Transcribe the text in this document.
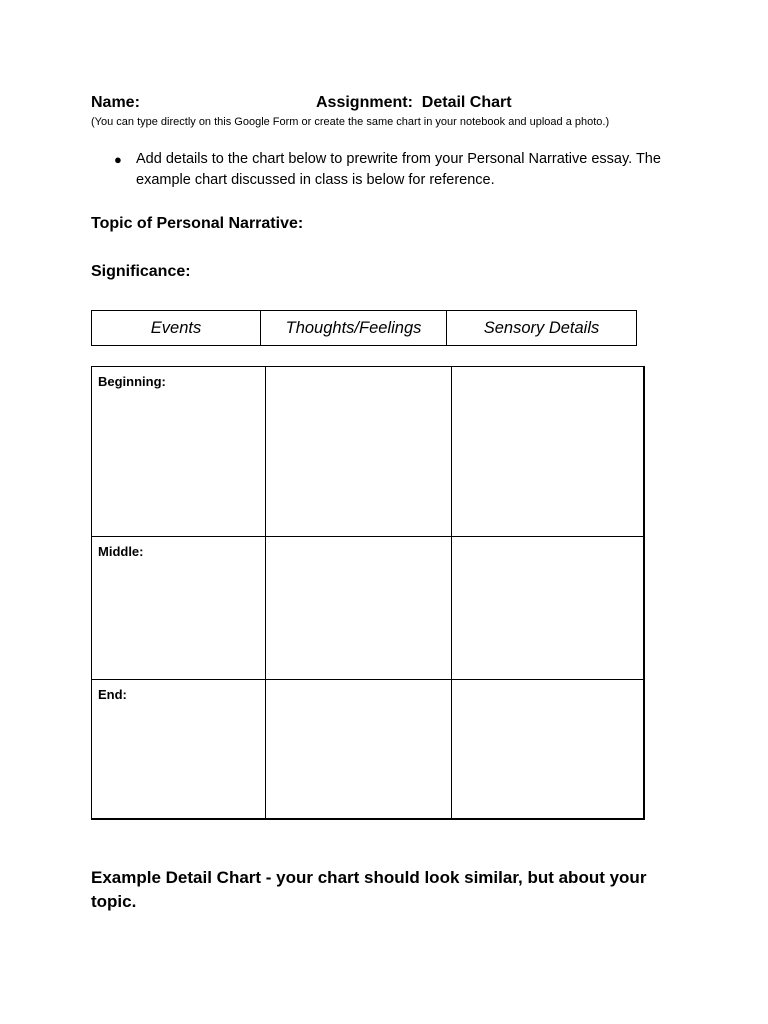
Name:	Assignment:  Detail Chart

(You can type directly on this Google Form or create the same chart in your notebook and upload a photo.)

● Add details to the chart below to prewrite from your Personal Narrative essay. The example chart discussed in class is below for reference.

Topic of Personal Narrative:

Significance:

Events	Thoughts/Feelings	Sensory Details
Beginning:		
Middle:		
End:		

Example Detail Chart - your chart should look similar, but about your topic.
